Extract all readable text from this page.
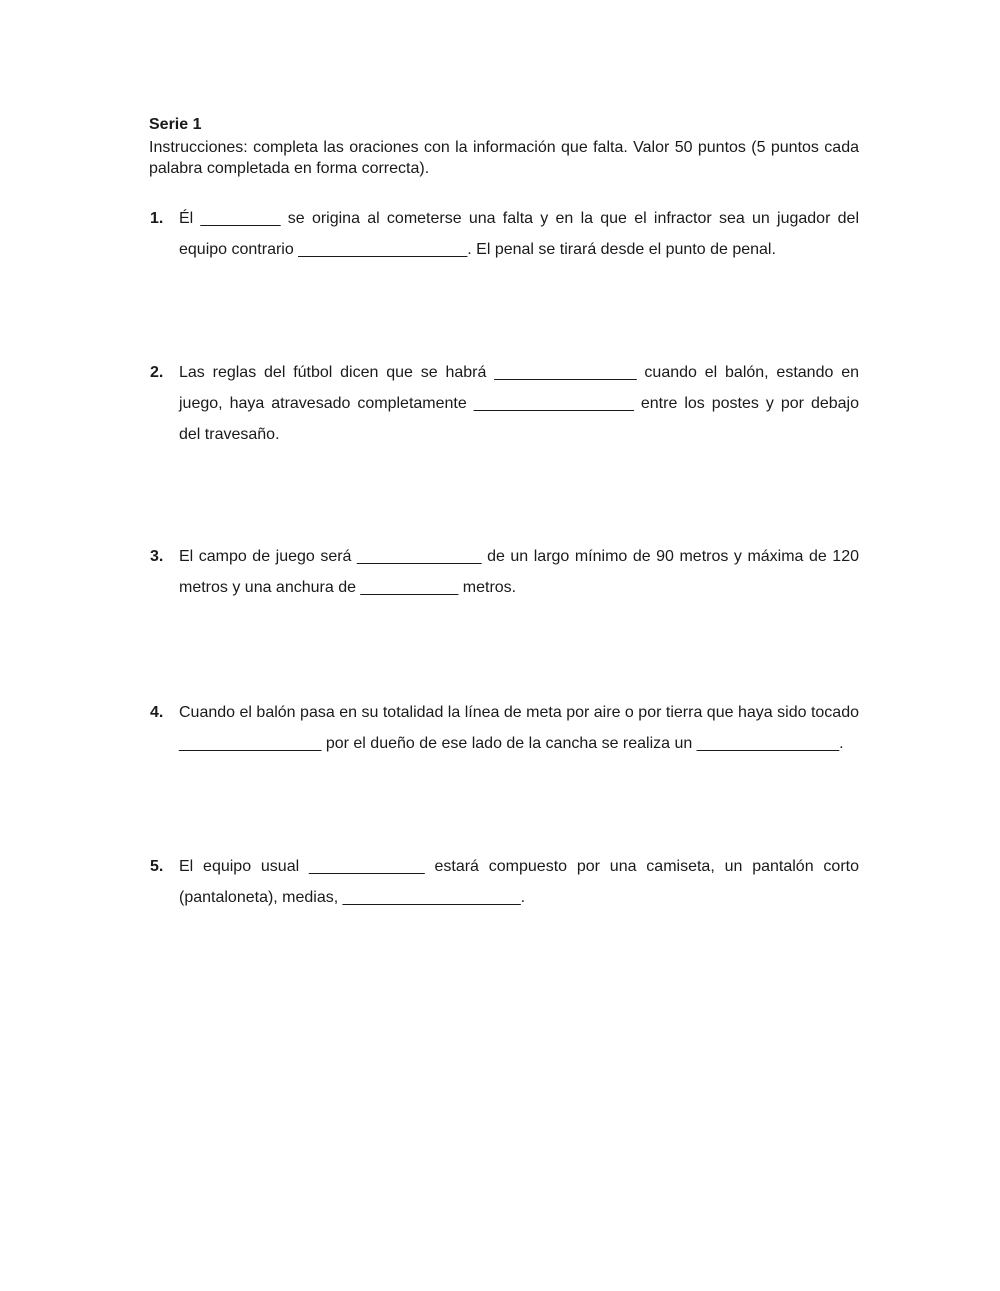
Serie 1

Instrucciones: completa las oraciones con la información que falta. Valor 50 puntos (5 puntos cada palabra completada en forma correcta).

1. Él _________ se origina al cometerse una falta y en la que el infractor sea un jugador del equipo contrario ___________________. El penal se tirará desde el punto de penal.
2. Las reglas del fútbol dicen que se habrá ________________ cuando el balón, estando en juego, haya atravesado completamente __________________ entre los postes y por debajo del travesaño.
3. El campo de juego será ______________ de un largo mínimo de 90 metros y máxima de 120 metros y una anchura de ___________ metros.
4. Cuando el balón pasa en su totalidad la línea de meta por aire o por tierra que haya sido tocado ________________ por el dueño de ese lado de la cancha se realiza un ________________.
5. El equipo usual _____________ estará compuesto por una camiseta, un pantalón corto (pantaloneta), medias, ____________________.
